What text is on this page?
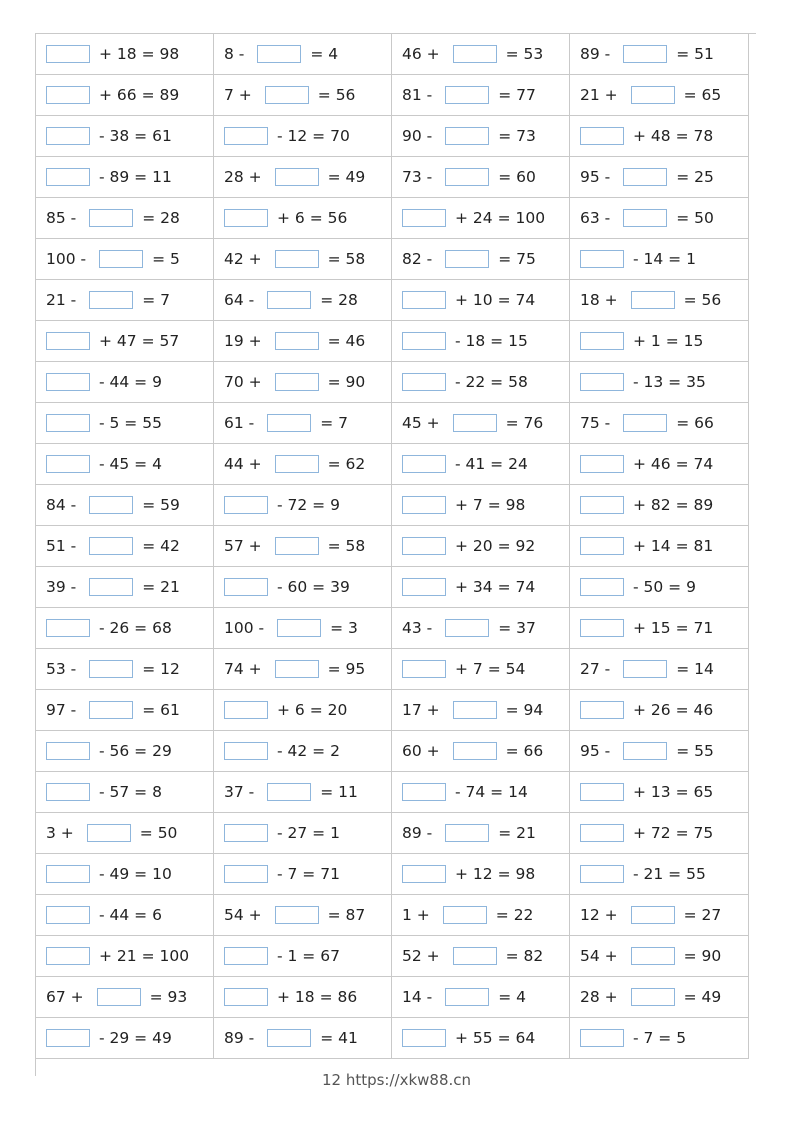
+ 18 = 98	8 - = 4	46 + = 53	89 - = 51

+ 66 = 89	7 + = 56	81 - = 77	21 + = 65

- 38 = 61	- 12 = 70	90 - = 73	+ 48 = 78

- 89 = 11	28 + = 49	73 - = 60	95 - = 25

85 - = 28	+ 6 = 56	+ 24 = 100	63 - = 50

100 - = 5	42 + = 58	82 - = 75	- 14 = 1

21 - = 7	64 - = 28	+ 10 = 74	18 + = 56

+ 47 = 57	19 + = 46	- 18 = 15	+ 1 = 15

- 44 = 9	70 + = 90	- 22 = 58	- 13 = 35

- 5 = 55	61 - = 7	45 + = 76	75 - = 66

- 45 = 4	44 + = 62	- 41 = 24	+ 46 = 74

84 - = 59	- 72 = 9	+ 7 = 98	+ 82 = 89

51 - = 42	57 + = 58	+ 20 = 92	+ 14 = 81

39 - = 21	- 60 = 39	+ 34 = 74	- 50 = 9

- 26 = 68	100 - = 3	43 - = 37	+ 15 = 71

53 - = 12	74 + = 95	+ 7 = 54	27 - = 14

97 - = 61	+ 6 = 20	17 + = 94	+ 26 = 46

- 56 = 29	- 42 = 2	60 + = 66	95 - = 55

- 57 = 8	37 - = 11	- 74 = 14	+ 13 = 65

3 + = 50	- 27 = 1	89 - = 21	+ 72 = 75

- 49 = 10	- 7 = 71	+ 12 = 98	- 21 = 55

- 44 = 6	54 + = 87	1 + = 22	12 + = 27

+ 21 = 100	- 1 = 67	52 + = 82	54 + = 90

67 + = 93	+ 18 = 86	14 - = 4	28 + = 49

- 29 = 49	89 - = 41	+ 55 = 64	- 7 = 5
12 https://xkw88.cn
